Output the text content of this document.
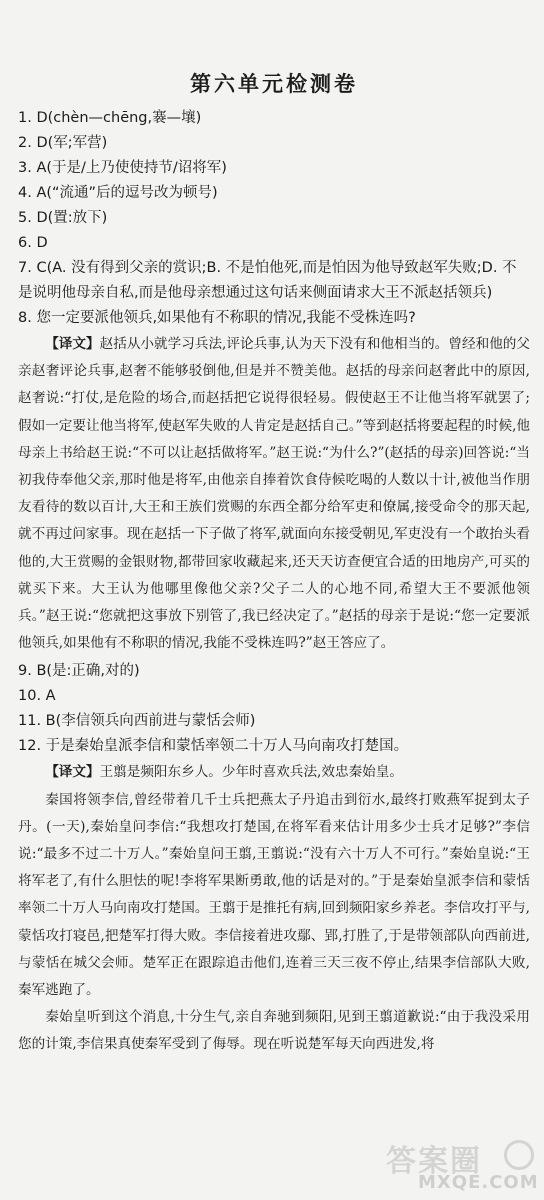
第六单元检测卷

1. D(chèn—chēng,褰—壤)

2. D(军;军营)

3. A(于是/上乃使使持节/诏将军)

4. A(“流通”后的逗号改为顿号)

5. D(置:放下)

6. D

7. C(A. 没有得到父亲的赏识;B. 不是怕他死,而是怕因为他导致赵军失败;D. 不是说明他母亲自私,而是他母亲想通过这句话来侧面请求大王不派赵括领兵)

8. 您一定要派他领兵,如果他有不称职的情况,我能不受株连吗?

【译文】赵括从小就学习兵法,评论兵事,认为天下没有和他相当的。曾经和他的父亲赵奢评论兵事,赵奢不能够驳倒他,但是并不赞美他。赵括的母亲问赵奢此中的原因,赵奢说:“打仗,是危险的场合,而赵括把它说得很轻易。假使赵王不让他当将军就罢了;假如一定要让他当将军,使赵军失败的人肯定是赵括自己。”等到赵括将要起程的时候,他母亲上书给赵王说:“不可以让赵括做将军。”赵王说:“为什么?”(赵括的母亲)回答说:“当初我侍奉他父亲,那时他是将军,由他亲自捧着饮食侍候吃喝的人数以十计,被他当作朋友看待的数以百计,大王和王族们赏赐的东西全都分给军吏和僚属,接受命令的那天起,就不再过问家事。现在赵括一下子做了将军,就面向东接受朝见,军吏没有一个敢抬头看他的,大王赏赐的金银财物,都带回家收藏起来,还天天访查便宜合适的田地房产,可买的就买下来。大王认为他哪里像他父亲?父子二人的心地不同,希望大王不要派他领兵。”赵王说:“您就把这事放下别管了,我已经决定了。”赵括的母亲于是说:“您一定要派他领兵,如果他有不称职的情况,我能不受株连吗?”赵王答应了。

9. B(是:正确,对的)

10. A

11. B(李信领兵向西前进与蒙恬会师)

12. 于是秦始皇派李信和蒙恬率领二十万人马向南攻打楚国。

【译文】王翦是频阳东乡人。少年时喜欢兵法,效忠秦始皇。

秦国将领李信,曾经带着几千士兵把燕太子丹追击到衍水,最终打败燕军捉到太子丹。(一天),秦始皇问李信:“我想攻打楚国,在将军看来估计用多少士兵才足够?”李信说:“最多不过二十万人。”秦始皇问王翦,王翦说:“没有六十万人不可行。”秦始皇说:“王将军老了,有什么胆怯的呢!李将军果断勇敢,他的话是对的。”于是秦始皇派李信和蒙恬率领二十万人马向南攻打楚国。王翦于是推托有病,回到频阳家乡养老。李信攻打平与,蒙恬攻打寝邑,把楚军打得大败。李信接着进攻鄢、郢,打胜了,于是带领部队向西前进,与蒙恬在城父会师。楚军正在跟踪追击他们,连着三天三夜不停止,结果李信部队大败,秦军逃跑了。

秦始皇听到这个消息,十分生气,亲自奔驰到频阳,见到王翦道歉说:“由于我没采用您的计策,李信果真使秦军受到了侮辱。现在听说楚军每天向西进发,将

答案圈
MXQE.COM
